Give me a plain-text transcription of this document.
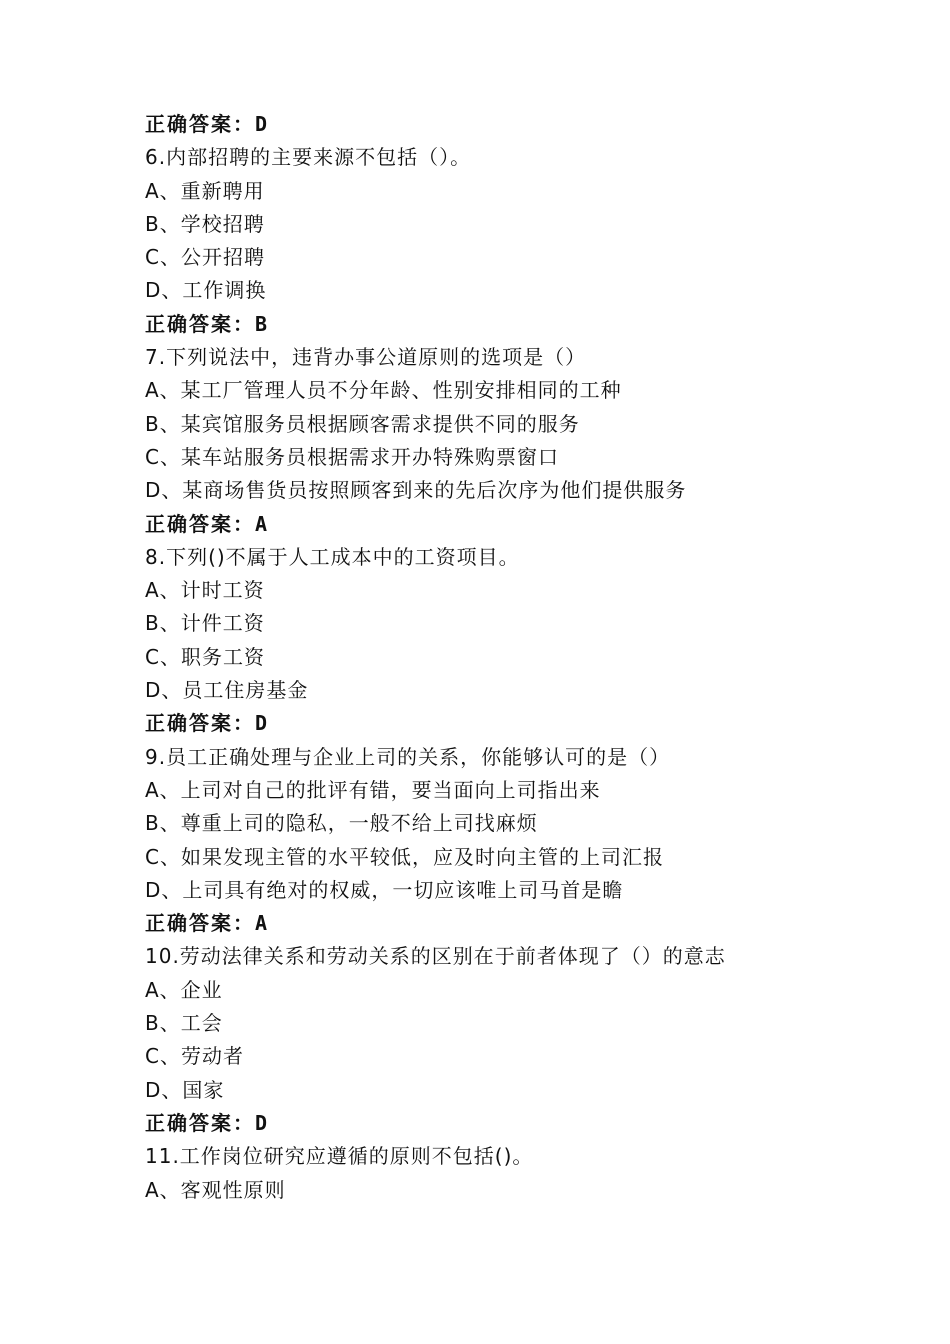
正确答案：D
6.内部招聘的主要来源不包括（）。
A、重新聘用
B、学校招聘
C、公开招聘
D、工作调换
正确答案：B
7.下列说法中，违背办事公道原则的选项是（）
A、某工厂管理人员不分年龄、性别安排相同的工种
B、某宾馆服务员根据顾客需求提供不同的服务
C、某车站服务员根据需求开办特殊购票窗口
D、某商场售货员按照顾客到来的先后次序为他们提供服务
正确答案：A
8.下列()不属于人工成本中的工资项目。
A、计时工资
B、计件工资
C、职务工资
D、员工住房基金
正确答案：D
9.员工正确处理与企业上司的关系，你能够认可的是（）
A、上司对自己的批评有错，要当面向上司指出来
B、尊重上司的隐私，一般不给上司找麻烦
C、如果发现主管的水平较低，应及时向主管的上司汇报
D、上司具有绝对的权威，一切应该唯上司马首是瞻
正确答案：A
10.劳动法律关系和劳动关系的区别在于前者体现了（）的意志
A、企业
B、工会
C、劳动者
D、国家
正确答案：D
11.工作岗位研究应遵循的原则不包括()。
A、客观性原则
